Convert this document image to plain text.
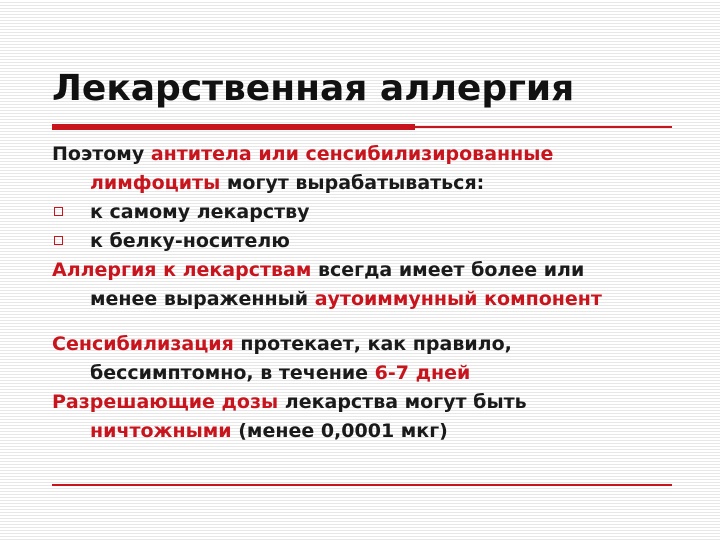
Лекарственная аллергия
Поэтому антитела или сенсибилизированные
лимфоциты могут вырабатываться:
к самому лекарству
к белку-носителю
Аллергия к лекарствам всегда имеет более или
менее выраженный аутоиммунный компонент
Сенсибилизация протекает, как правило,
бессимптомно, в течение 6-7 дней
Разрешающие дозы лекарства могут быть
ничтожными (менее 0,0001 мкг)
